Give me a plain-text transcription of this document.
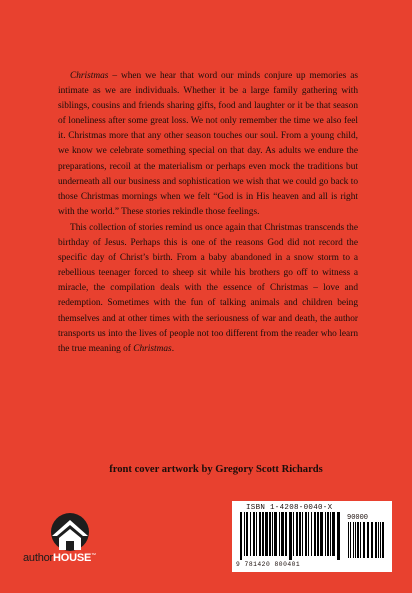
Christmas – when we hear that word our minds conjure up memories as intimate as we are individuals. Whether it be a large family gathering with siblings, cousins and friends sharing gifts, food and laughter or it be that season of loneliness after some great loss. We not only remember the time we also feel it. Christmas more that any other season touches our soul. From a young child, we know we celebrate something special on that day. As adults we endure the preparations, recoil at the materialism or perhaps even mock the traditions but underneath all our business and sophistication we wish that we could go back to those Christmas mornings when we felt “God is in His heaven and all is right with the world.” These stories rekindle those feelings.

This collection of stories remind us once again that Christmas transcends the birthday of Jesus. Perhaps this is one of the reasons God did not record the specific day of Christ’s birth. From a baby abandoned in a snow storm to a rebellious teenager forced to sheep sit while his brothers go off to witness a miracle, the compilation deals with the essence of Christmas – love and redemption. Sometimes with the fun of talking animals and children being themselves and at other times with the seriousness of war and death, the author transports us into the lives of people not too different from the reader who learn the true meaning of Christmas.

front cover artwork by Gregory Scott Richards
authorHOUSE™
ISBN 1-4208-0040-X
90000
9 781420 800401
